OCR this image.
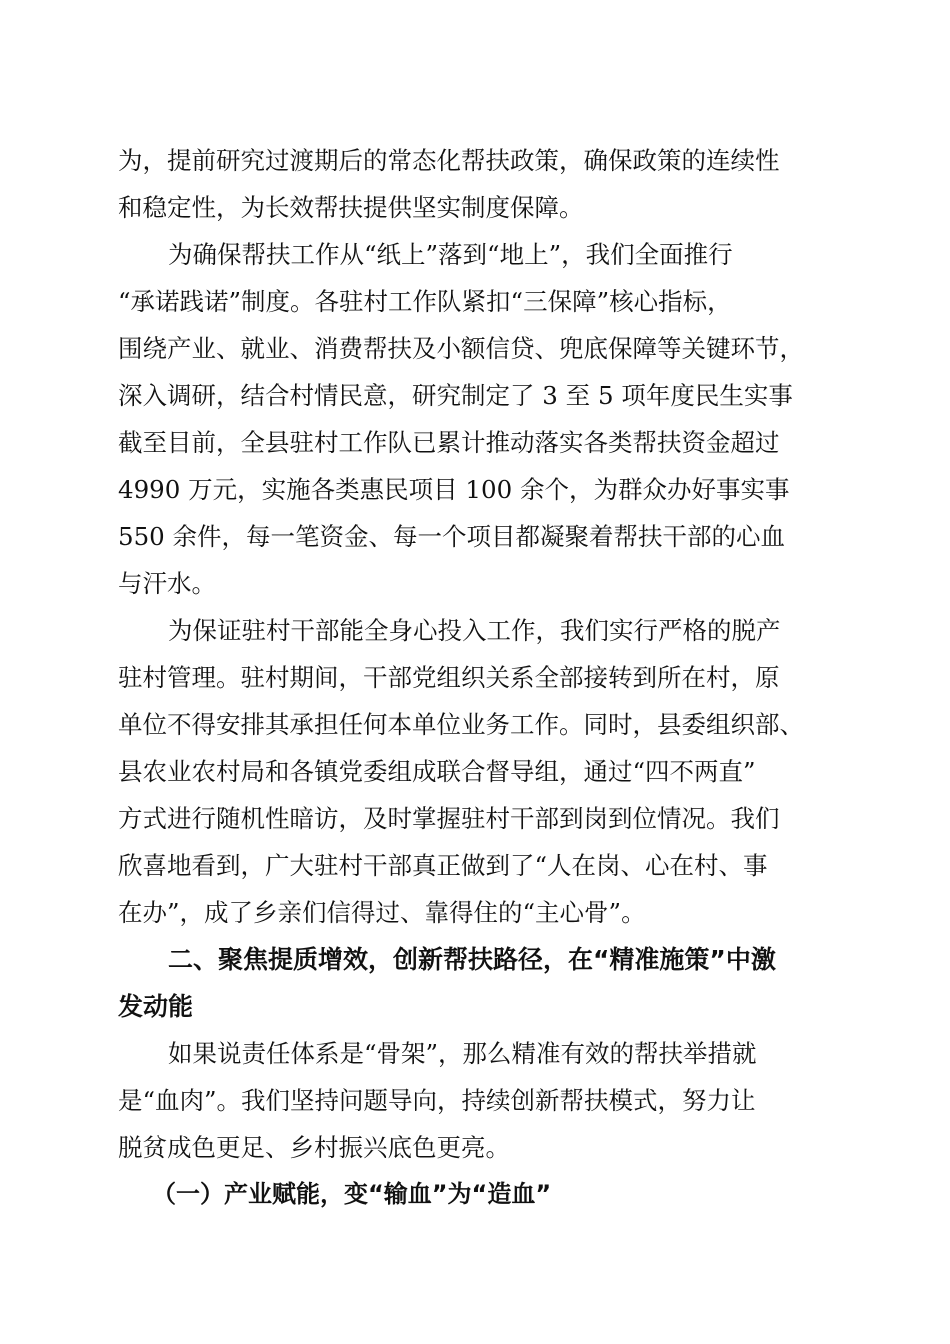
为，提前研究过渡期后的常态化帮扶政策，确保政策的连续性
和稳定性，为长效帮扶提供坚实制度保障。
为确保帮扶工作从“纸上”落到“地上”，我们全面推行
“承诺践诺”制度。各驻村工作队紧扣“三保障”核心指标，
围绕产业、就业、消费帮扶及小额信贷、兜底保障等关键环节，
深入调研，结合村情民意，研究制定了 3 至 5 项年度民生实事
截至目前，全县驻村工作队已累计推动落实各类帮扶资金超过
4990 万元，实施各类惠民项目 100 余个，为群众办好事实事
550 余件，每一笔资金、每一个项目都凝聚着帮扶干部的心血
与汗水。
为保证驻村干部能全身心投入工作，我们实行严格的脱产
驻村管理。驻村期间，干部党组织关系全部接转到所在村，原
单位不得安排其承担任何本单位业务工作。同时，县委组织部、
县农业农村局和各镇党委组成联合督导组，通过“四不两直”
方式进行随机性暗访，及时掌握驻村干部到岗到位情况。我们
欣喜地看到，广大驻村干部真正做到了“人在岗、心在村、事
在办”，成了乡亲们信得过、靠得住的“主心骨”。
二、聚焦提质增效，创新帮扶路径，在“精准施策”中激
发动能
如果说责任体系是“骨架”，那么精准有效的帮扶举措就
是“血肉”。我们坚持问题导向，持续创新帮扶模式，努力让
脱贫成色更足、乡村振兴底色更亮。
（一）产业赋能，变“输血”为“造血”
